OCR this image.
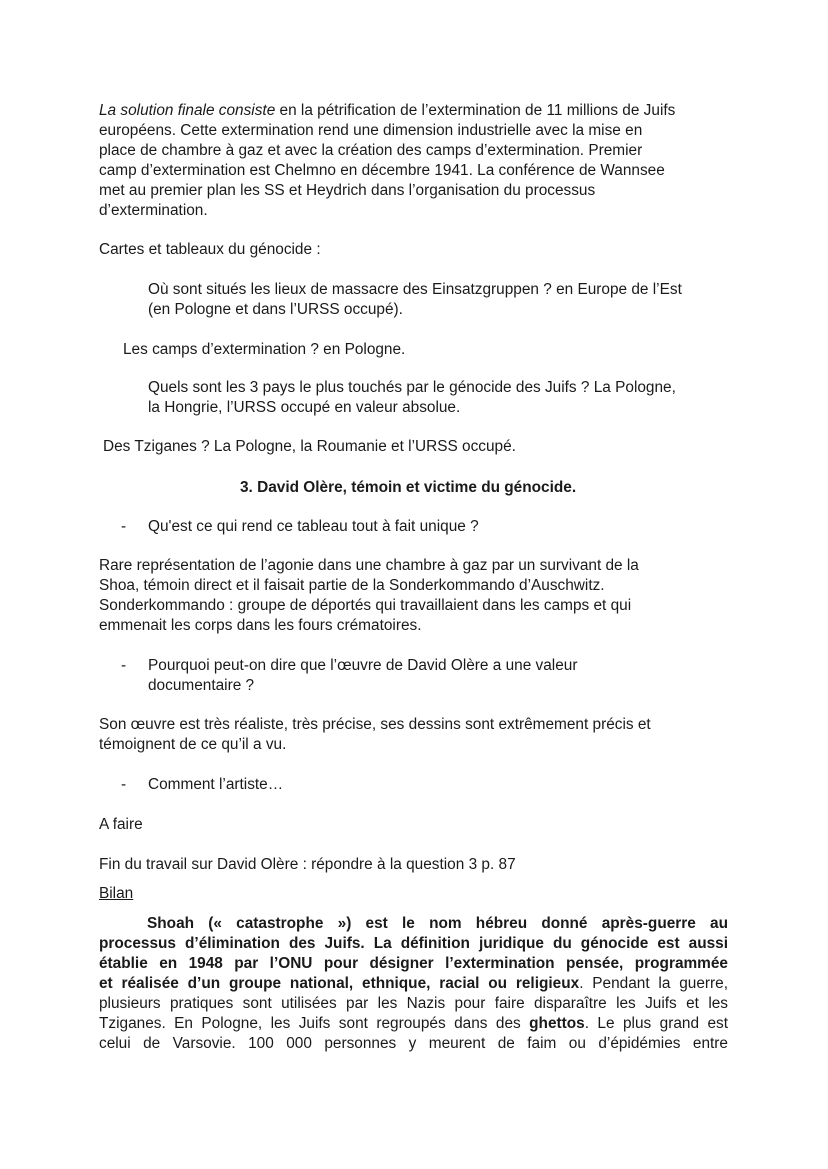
La solution finale consiste en la pétrification de l’extermination de 11 millions de Juifs
européens. Cette extermination rend une dimension industrielle avec la mise en
place de chambre à gaz et avec la création des camps d’extermination. Premier
camp d’extermination est Chelmno en décembre 1941. La conférence de Wannsee
met au premier plan les SS et Heydrich dans l’organisation du processus
d’extermination.
Cartes et tableaux du génocide :
Où sont situés les lieux de massacre des Einsatzgruppen ? en Europe de l’Est
(en Pologne et dans l’URSS occupé).
Les camps d’extermination ? en Pologne.
Quels sont les 3 pays le plus touchés par le génocide des Juifs ? La Pologne,
la Hongrie, l’URSS occupé en valeur absolue.
Des Tziganes ? La Pologne, la Roumanie et l’URSS occupé.
3. David Olère, témoin et victime du génocide.
- Qu'est ce qui rend ce tableau tout à fait unique ?
Rare représentation de l’agonie dans une chambre à gaz par un survivant de la
Shoa, témoin direct et il faisait partie de la Sonderkommando d’Auschwitz.
Sonderkommando : groupe de déportés qui travaillaient dans les camps et qui
emmenait les corps dans les fours crématoires.
- Pourquoi peut-on dire que l’œuvre de David Olère a une valeur
documentaire ?
Son œuvre est très réaliste, très précise, ses dessins sont extrêmement précis et
témoignent de ce qu’il a vu.
- Comment l’artiste…
A faire
Fin du travail sur David Olère : répondre à la question 3 p. 87
Bilan
Shoah (« catastrophe ») est le nom hébreu donné après-guerre au
processus d’élimination des Juifs. La définition juridique du génocide est aussi
établie en 1948 par l’ONU pour désigner l’extermination pensée, programmée
et réalisée d’un groupe national, ethnique, racial ou religieux. Pendant la guerre,
plusieurs pratiques sont utilisées par les Nazis pour faire disparaître les Juifs et les
Tziganes. En Pologne, les Juifs sont regroupés dans des ghettos. Le plus grand est
celui de Varsovie. 100 000 personnes y meurent de faim ou d’épidémies entre
